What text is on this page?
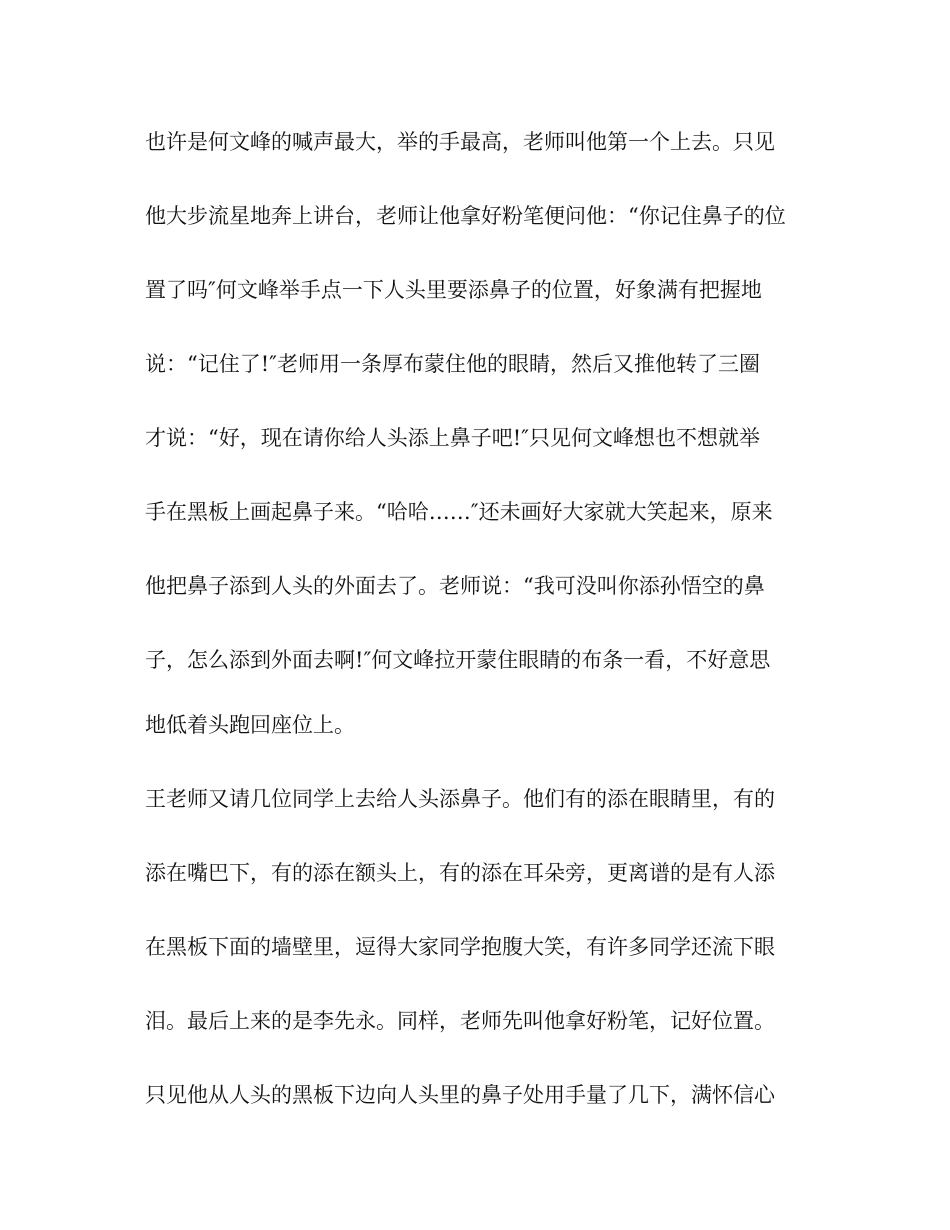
也许是何文峰的喊声最大，举的手最高，老师叫他第一个上去。只见
他大步流星地奔上讲台，老师让他拿好粉笔便问他：“你记住鼻子的位
置了吗″何文峰举手点一下人头里要添鼻子的位置，好象满有把握地
说：“记住了!″老师用一条厚布蒙住他的眼睛，然后又推他转了三圈
才说：“好，现在请你给人头添上鼻子吧!″只见何文峰想也不想就举
手在黑板上画起鼻子来。“哈哈……″还未画好大家就大笑起来，原来
他把鼻子添到人头的外面去了。老师说：“我可没叫你添孙悟空的鼻
子，怎么添到外面去啊!″何文峰拉开蒙住眼睛的布条一看，不好意思
地低着头跑回座位上。
王老师又请几位同学上去给人头添鼻子。他们有的添在眼睛里，有的
添在嘴巴下，有的添在额头上，有的添在耳朵旁，更离谱的是有人添
在黑板下面的墙壁里，逗得大家同学抱腹大笑，有许多同学还流下眼
泪。最后上来的是李先永。同样，老师先叫他拿好粉笔，记好位置。
只见他从人头的黑板下边向人头里的鼻子处用手量了几下，满怀信心
